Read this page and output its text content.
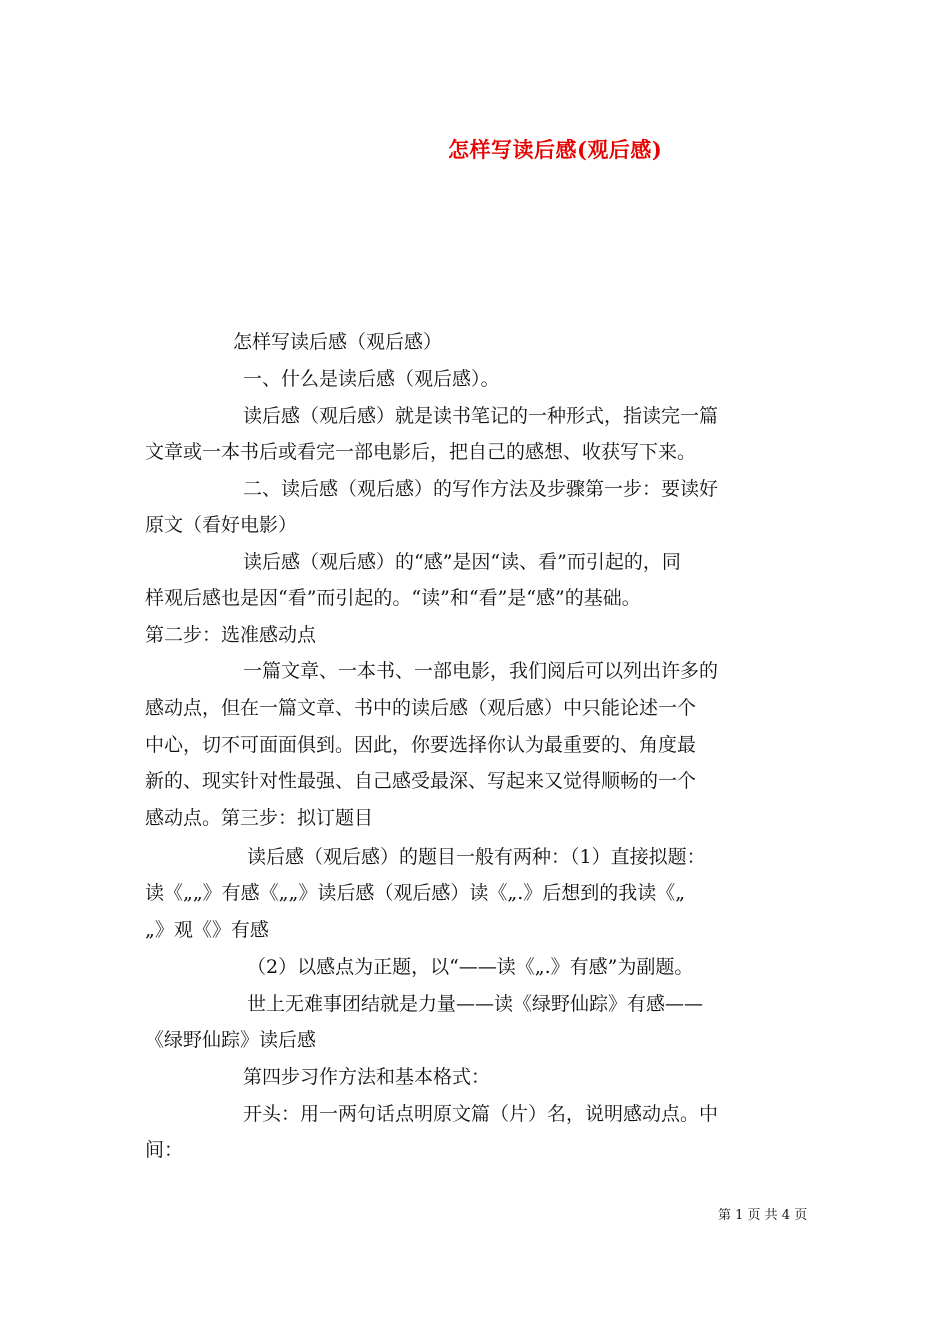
怎样写读后感(观后感)
怎样写读后感（观后感）
一、什么是读后感（观后感）。
读后感（观后感）就是读书笔记的一种形式，指读完一篇
文章或一本书后或看完一部电影后，把自己的感想、收获写下来。
二、读后感（观后感）的写作方法及步骤第一步：要读好
原文（看好电影）
读后感（观后感）的“感”是因“读、看”而引起的，同
样观后感也是因“看”而引起的。“读”和“看”是“感”的基础。
第二步：选准感动点
一篇文章、一本书、一部电影，我们阅后可以列出许多的
感动点，但在一篇文章、书中的读后感（观后感）中只能论述一个
中心，切不可面面俱到。因此，你要选择你认为最重要的、角度最
新的、现实针对性最强、自己感受最深、写起来又觉得顺畅的一个
感动点。第三步：拟订题目
读后感（观后感）的题目一般有两种：（1）直接拟题：
读《„„》有感《„„》读后感（观后感）读《„.》后想到的我读《„
„》观《》有感
（2）以感点为正题，以“——读《„.》有感”为副题。
世上无难事团结就是力量——读《绿野仙踪》有感——
《绿野仙踪》读后感
第四步习作方法和基本格式：
开头：用一两句话点明原文篇（片）名，说明感动点。中
间：
第 1 页 共 4 页
